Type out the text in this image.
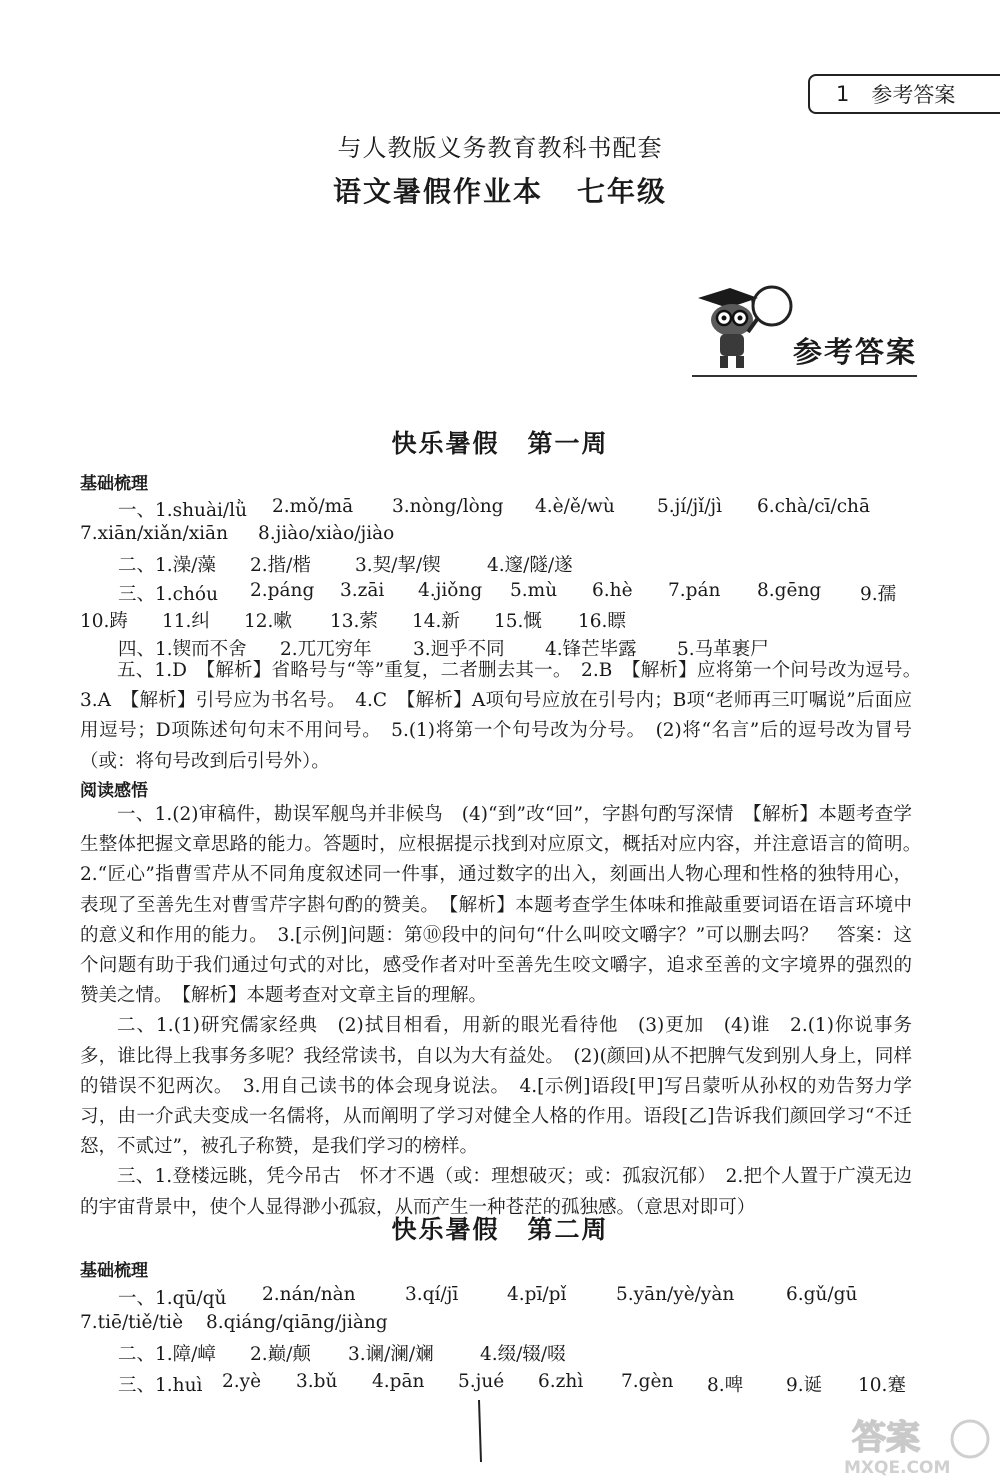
1 参考答案
与人教版义务教育教科书配套
语文暑假作业本 七年级
参考答案
快乐暑假 第一周
基础梳理
一、1.shuài/lǜ 2.mǒ/mā 3.nòng/lòng 4.è/ě/wù 5.jí/jǐ/jì 6.chà/cī/chā
7.xiān/xiǎn/xiān 8.jiào/xiào/jiào
二、1.澡/藻 2.揩/楷 3.契/挈/锲	4.邃/隧/遂
三、1.chóu 2.páng 3.zāi 4.jiǒng 5.mù 6.hè 7.pán 8.gēng 9.孺
10.踌 11.纠 12.嗽 13.萦 14.新 15.慨 16.瞟
四、1.锲而不舍 2.兀兀穷年 3.迥乎不同 4.锋芒毕露 5.马革裹尸

五、1.D　【解析】省略号与“等”重复，二者删去其一。　2.B　【解析】应将第一个问号改为逗号。　3.A　【解析】引号应为书名号。　4.C　【解析】A项句号应放在引号内；B项“老师再三叮嘱说”后面应用逗号；D项陈述句句末不用问号。　5.(1)将第一个句号改为分号。　(2)将“名言”后的逗号改为冒号（或：将句号改到后引号外）。

阅读感悟

一、1.(2)审稿件，勘误军舰鸟并非候鸟　(4)“到”改“回”，字斟句酌写深情　【解析】本题考查学生整体把握文章思路的能力。答题时，应根据提示找到对应原文，概括对应内容，并注意语言的简明。　2.“匠心”指曹雪芹从不同角度叙述同一件事，通过数字的出入，刻画出人物心理和性格的独特用心，表现了至善先生对曹雪芹字斟句酌的赞美。　【解析】本题考查学生体味和推敲重要词语在语言环境中的意义和作用的能力。　3.[示例]问题：第⑩段中的问句“什么叫咬文嚼字？”可以删去吗？　答案：这个问题有助于我们通过句式的对比，感受作者对叶至善先生咬文嚼字，追求至善的文字境界的强烈的赞美之情。　【解析】本题考查对文章主旨的理解。

二、1.(1)研究儒家经典　(2)拭目相看，用新的眼光看待他　(3)更加　(4)谁　2.(1)你说事务多，谁比得上我事务多呢？我经常读书，自以为大有益处。　(2)(颜回)从不把脾气发到别人身上，同样的错误不犯两次。　3.用自己读书的体会现身说法。　4.[示例]语段[甲]写吕蒙听从孙权的劝告努力学习，由一介武夫变成一名儒将，从而阐明了学习对健全人格的作用。语段[乙]告诉我们颜回学习“不迁怒，不贰过”，被孔子称赞，是我们学习的榜样。

三、1.登楼远眺，凭今吊古　怀才不遇（或：理想破灭；或：孤寂沉郁）　2.把个人置于广漠无边的宇宙背景中，使个人显得渺小孤寂，从而产生一种苍茫的孤独感。（意思对即可）

快乐暑假 第二周
基础梳理
一、1.qū/qǔ 2.nán/nàn	3.qí/jī	4.pī/pǐ	5.yān/yè/yàn	6.gǔ/gū
7.tiē/tiě/tiè 8.qiáng/qiāng/jiàng
二、1.障/嶂 2.巅/颠 3.谰/澜/斓	4.缀/辍/啜
三、1.huì 2.yè 3.bǔ 4.pān 5.jué 6.zhì 7.gèn 8.啤 9.诞 10.蹇
答案
MXQE.COM
